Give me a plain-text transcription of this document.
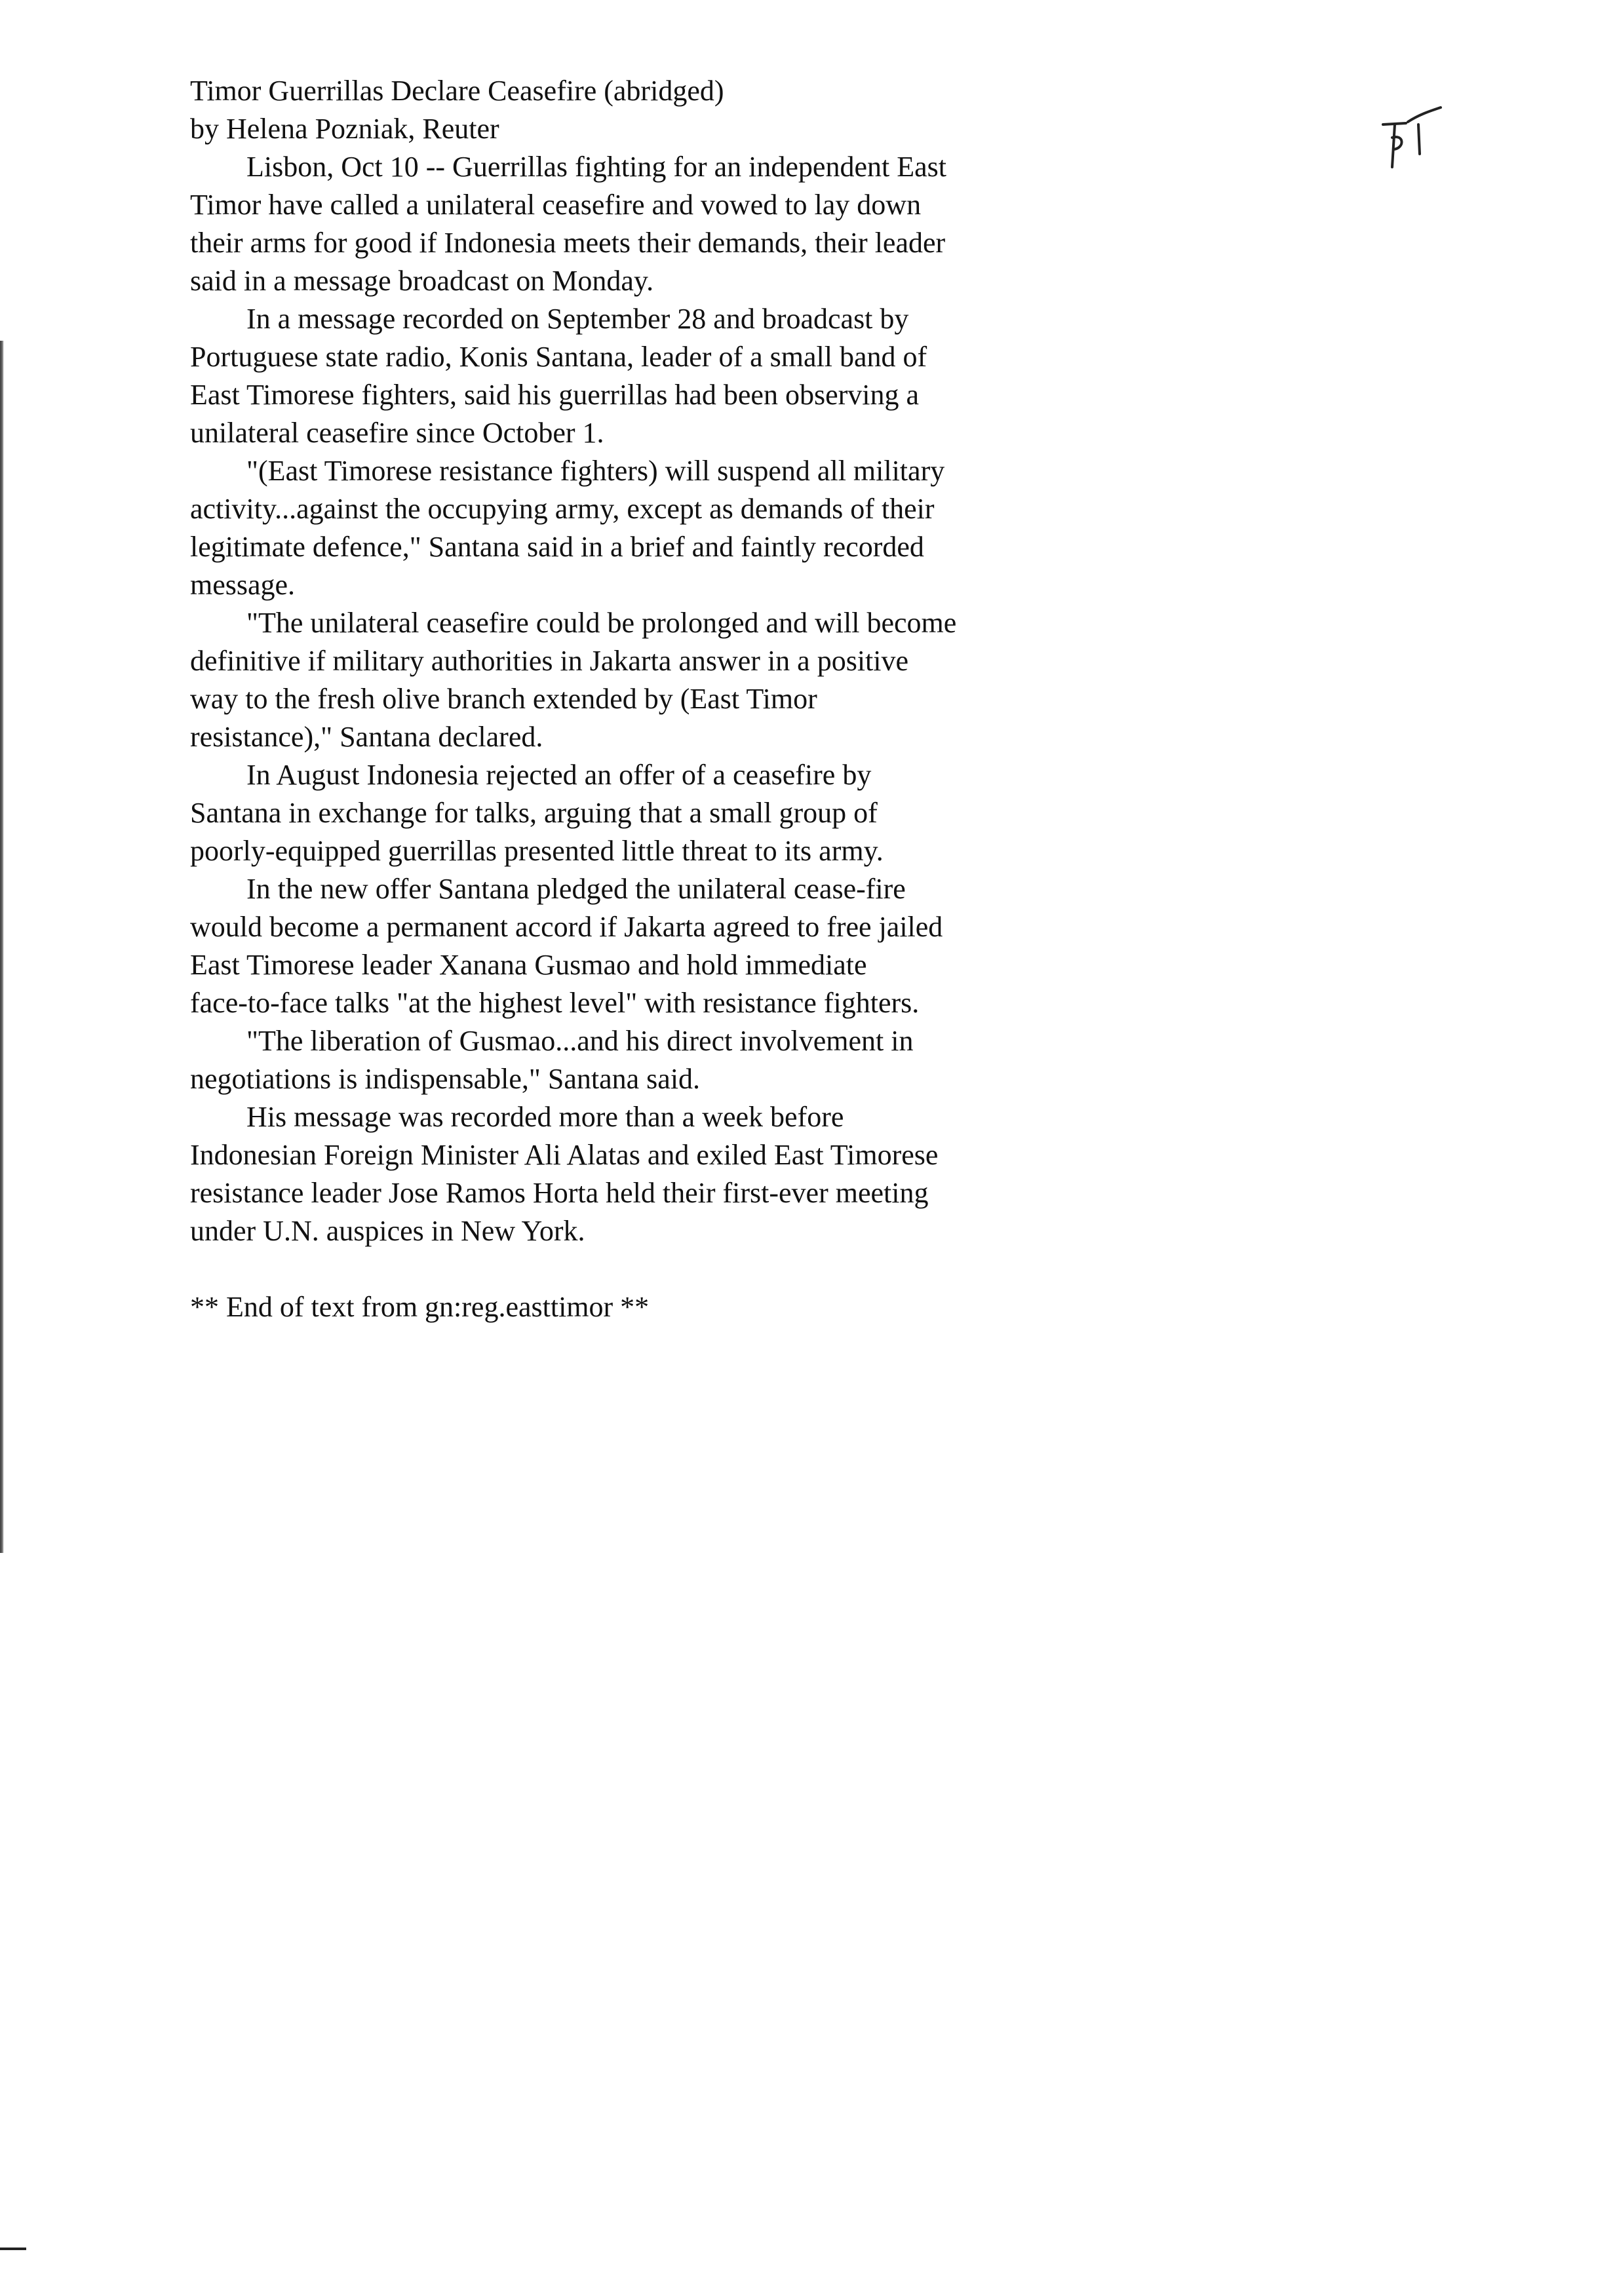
Timor Guerrillas Declare Ceasefire (abridged)
by Helena Pozniak, Reuter
Lisbon, Oct 10 -- Guerrillas fighting for an independent East
Timor have called a unilateral ceasefire and vowed to lay down
their arms for good if Indonesia meets their demands, their leader
said in a message broadcast on Monday.
In a message recorded on September 28 and broadcast by
Portuguese state radio, Konis Santana, leader of a small band of
East Timorese fighters, said his guerrillas had been observing a
unilateral ceasefire since October 1.
"(East Timorese resistance fighters) will suspend all military
activity...against the occupying army, except as demands of their
legitimate defence," Santana said in a brief and faintly recorded
message.
"The unilateral ceasefire could be prolonged and will become
definitive if military authorities in Jakarta answer in a positive
way to the fresh olive branch extended by (East Timor
resistance)," Santana declared.
In August Indonesia rejected an offer of a ceasefire by
Santana in exchange for talks, arguing that a small group of
poorly-equipped guerrillas presented little threat to its army.
In the new offer Santana pledged the unilateral cease-fire
would become a permanent accord if Jakarta agreed to free jailed
East Timorese leader Xanana Gusmao and hold immediate
face-to-face talks "at the highest level" with resistance fighters.
"The liberation of Gusmao...and his direct involvement in
negotiations is indispensable," Santana said.
His message was recorded more than a week before
Indonesian Foreign Minister Ali Alatas and exiled East Timorese
resistance leader Jose Ramos Horta held their first-ever meeting
under U.N. auspices in New York.
** End of text from gn:reg.easttimor **
